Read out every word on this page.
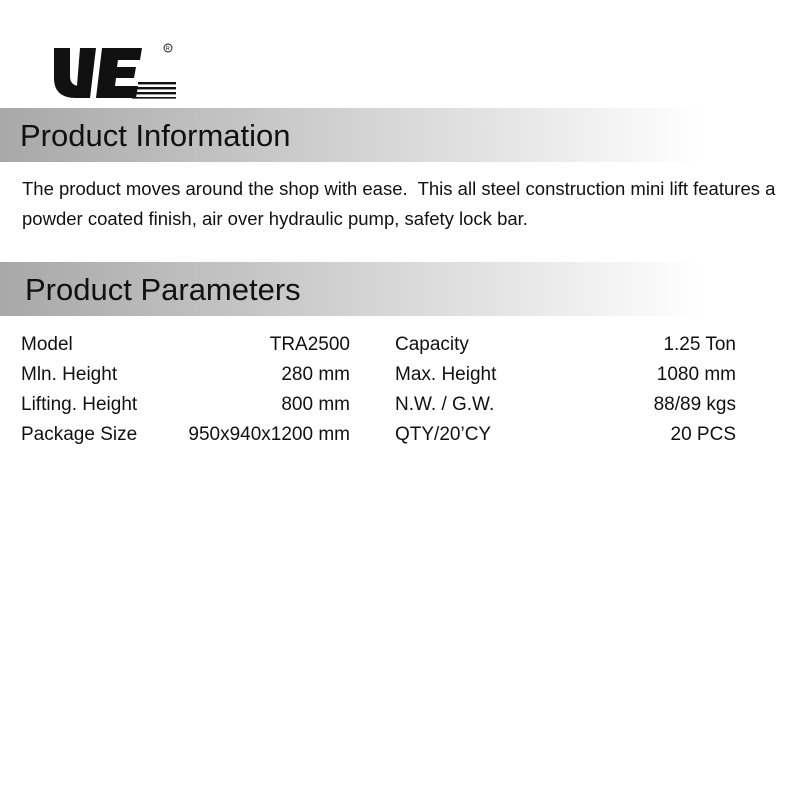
R
Product Information
The product moves around the shop with ease.  This all steel construction mini lift features a powder coated finish, air over hydraulic pump, safety lock bar.
Product Parameters
Model	TRA2500 Capacity	1.25 Ton
Mln. Height	280 mm Max. Height	1080 mm
Lifting. Height	800 mm N.W. / G.W.	88/89 kgs
Package Size	950x940x1200 mm QTY/20’CY	20 PCS
